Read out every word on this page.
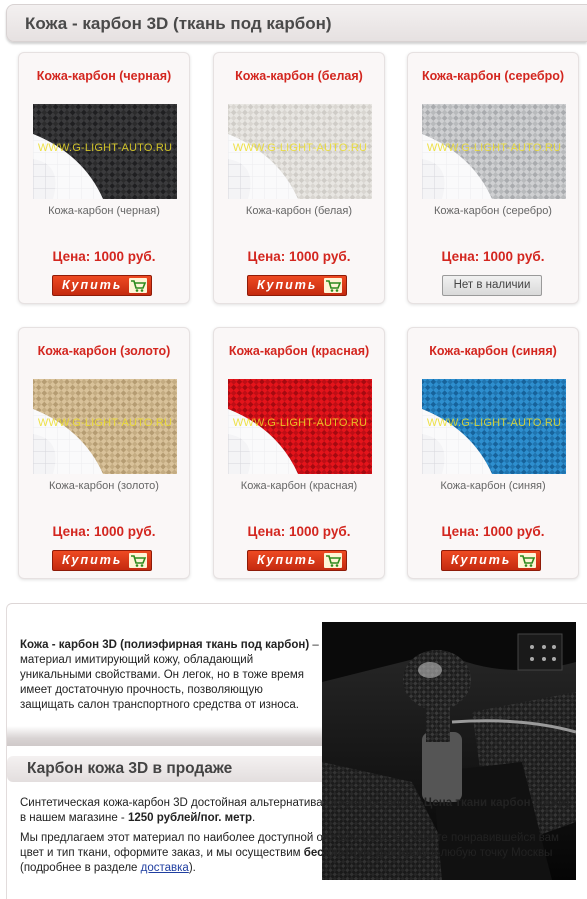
Кожа - карбон 3D (ткань под карбон)
Кожа-карбон (черная)
WWW.G-LIGHT-AUTO.RU
Кожа-карбон (черная)
Цена: 1000 руб.
Купить
Кожа-карбон (белая)
WWW.G-LIGHT-AUTO.RU
Кожа-карбон (белая)
Цена: 1000 руб.
Купить
Кожа-карбон (серебро)
WWW.G-LIGHT-AUTO.RU
Кожа-карбон (серебро)
Цена: 1000 руб.
Нет в наличии
Кожа-карбон (золото)
WWW.G-LIGHT-AUTO.RU
Кожа-карбон (золото)
Цена: 1000 руб.
Купить
Кожа-карбон (красная)
WWW.G-LIGHT-AUTO.RU
Кожа-карбон (красная)
Цена: 1000 руб.
Купить
Кожа-карбон (синяя)
WWW.G-LIGHT-AUTO.RU
Кожа-карбон (синяя)
Цена: 1000 руб.
Купить
Кожа - карбон 3D (полиэфирная ткань под карбон) – материал имитирующий кожу, обладающий уникальными свойствами. Он легок, но в тоже время имеет достаточную прочность, позволяющую защищать салон транспортного средства от износа.
Карбон кожа 3D в продаже

Синтетическая кожа-карбон 3D достойная альтернатива кожаному салону. Цена ткани карбон (кожи) в нашем магазине - 1250 рублей/пог. метр.

Мы предлагаем этот материал по наиболее доступной оптовой цене. Выберите понравившейся вам цвет и тип ткани, оформите заказ, и мы осуществим бесплатную доставку в любую точку Москвы (подробнее в разделе доставка).
